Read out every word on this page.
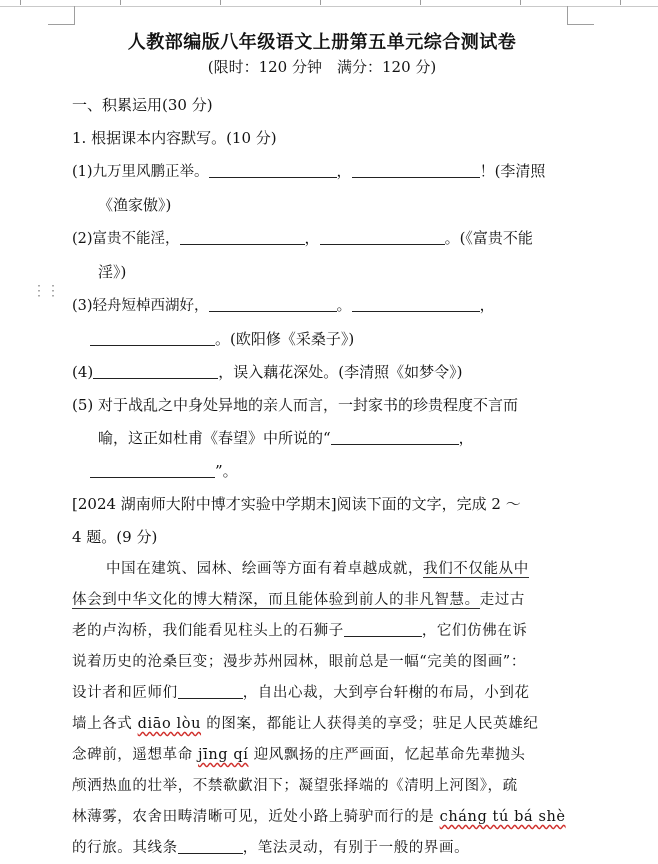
⋮⋮
人教部编版八年级语文上册第五单元综合测试卷
(限时：120 分钟　满分：120 分)
一、积累运用(30 分)
1. 根据课本内容默写。(10 分)
(1)九万里风鹏正举。	，	！(李清照
《渔家傲》)
(2)富贵不能淫，	，	。(《富贵不能
淫》)
(3)轻舟短棹西湖好，	。	，
。(欧阳修《采桑子》)
(4)	，误入藕花深处。(李清照《如梦令》)
(5) 对于战乱之中身处异地的亲人而言，一封家书的珍贵程度不言而
喻，这正如杜甫《春望》中所说的“	，
”。
[2024 湖南师大附中博才实验中学期末]阅读下面的文字，完成 2 ～
4 题。(9 分)
中国在建筑、园林、绘画等方面有着卓越成就，我们不仅能从中
体会到中华文化的博大精深，而且能体验到前人的非凡智慧。走过古
老的卢沟桥，我们能看见柱头上的石狮子	，它们仿佛在诉
说着历史的沧桑巨变；漫步苏州园林，眼前总是一幅“完美的图画”：
设计者和匠师们	，自出心裁，大到亭台轩榭的布局，小到花
墙上各式 diāo lòu 的图案，都能让人获得美的享受；驻足人民英雄纪
念碑前，遥想革命 jīng qí 迎风飘扬的庄严画面，忆起革命先辈抛头
颅洒热血的壮举，不禁欷歔泪下；凝望张择端的《清明上河图》，疏
林薄雾，农舍田畴清晰可见，近处小路上骑驴而行的是 cháng tú bá shè
的行旅。其线条	，笔法灵动，有别于一般的界画。
